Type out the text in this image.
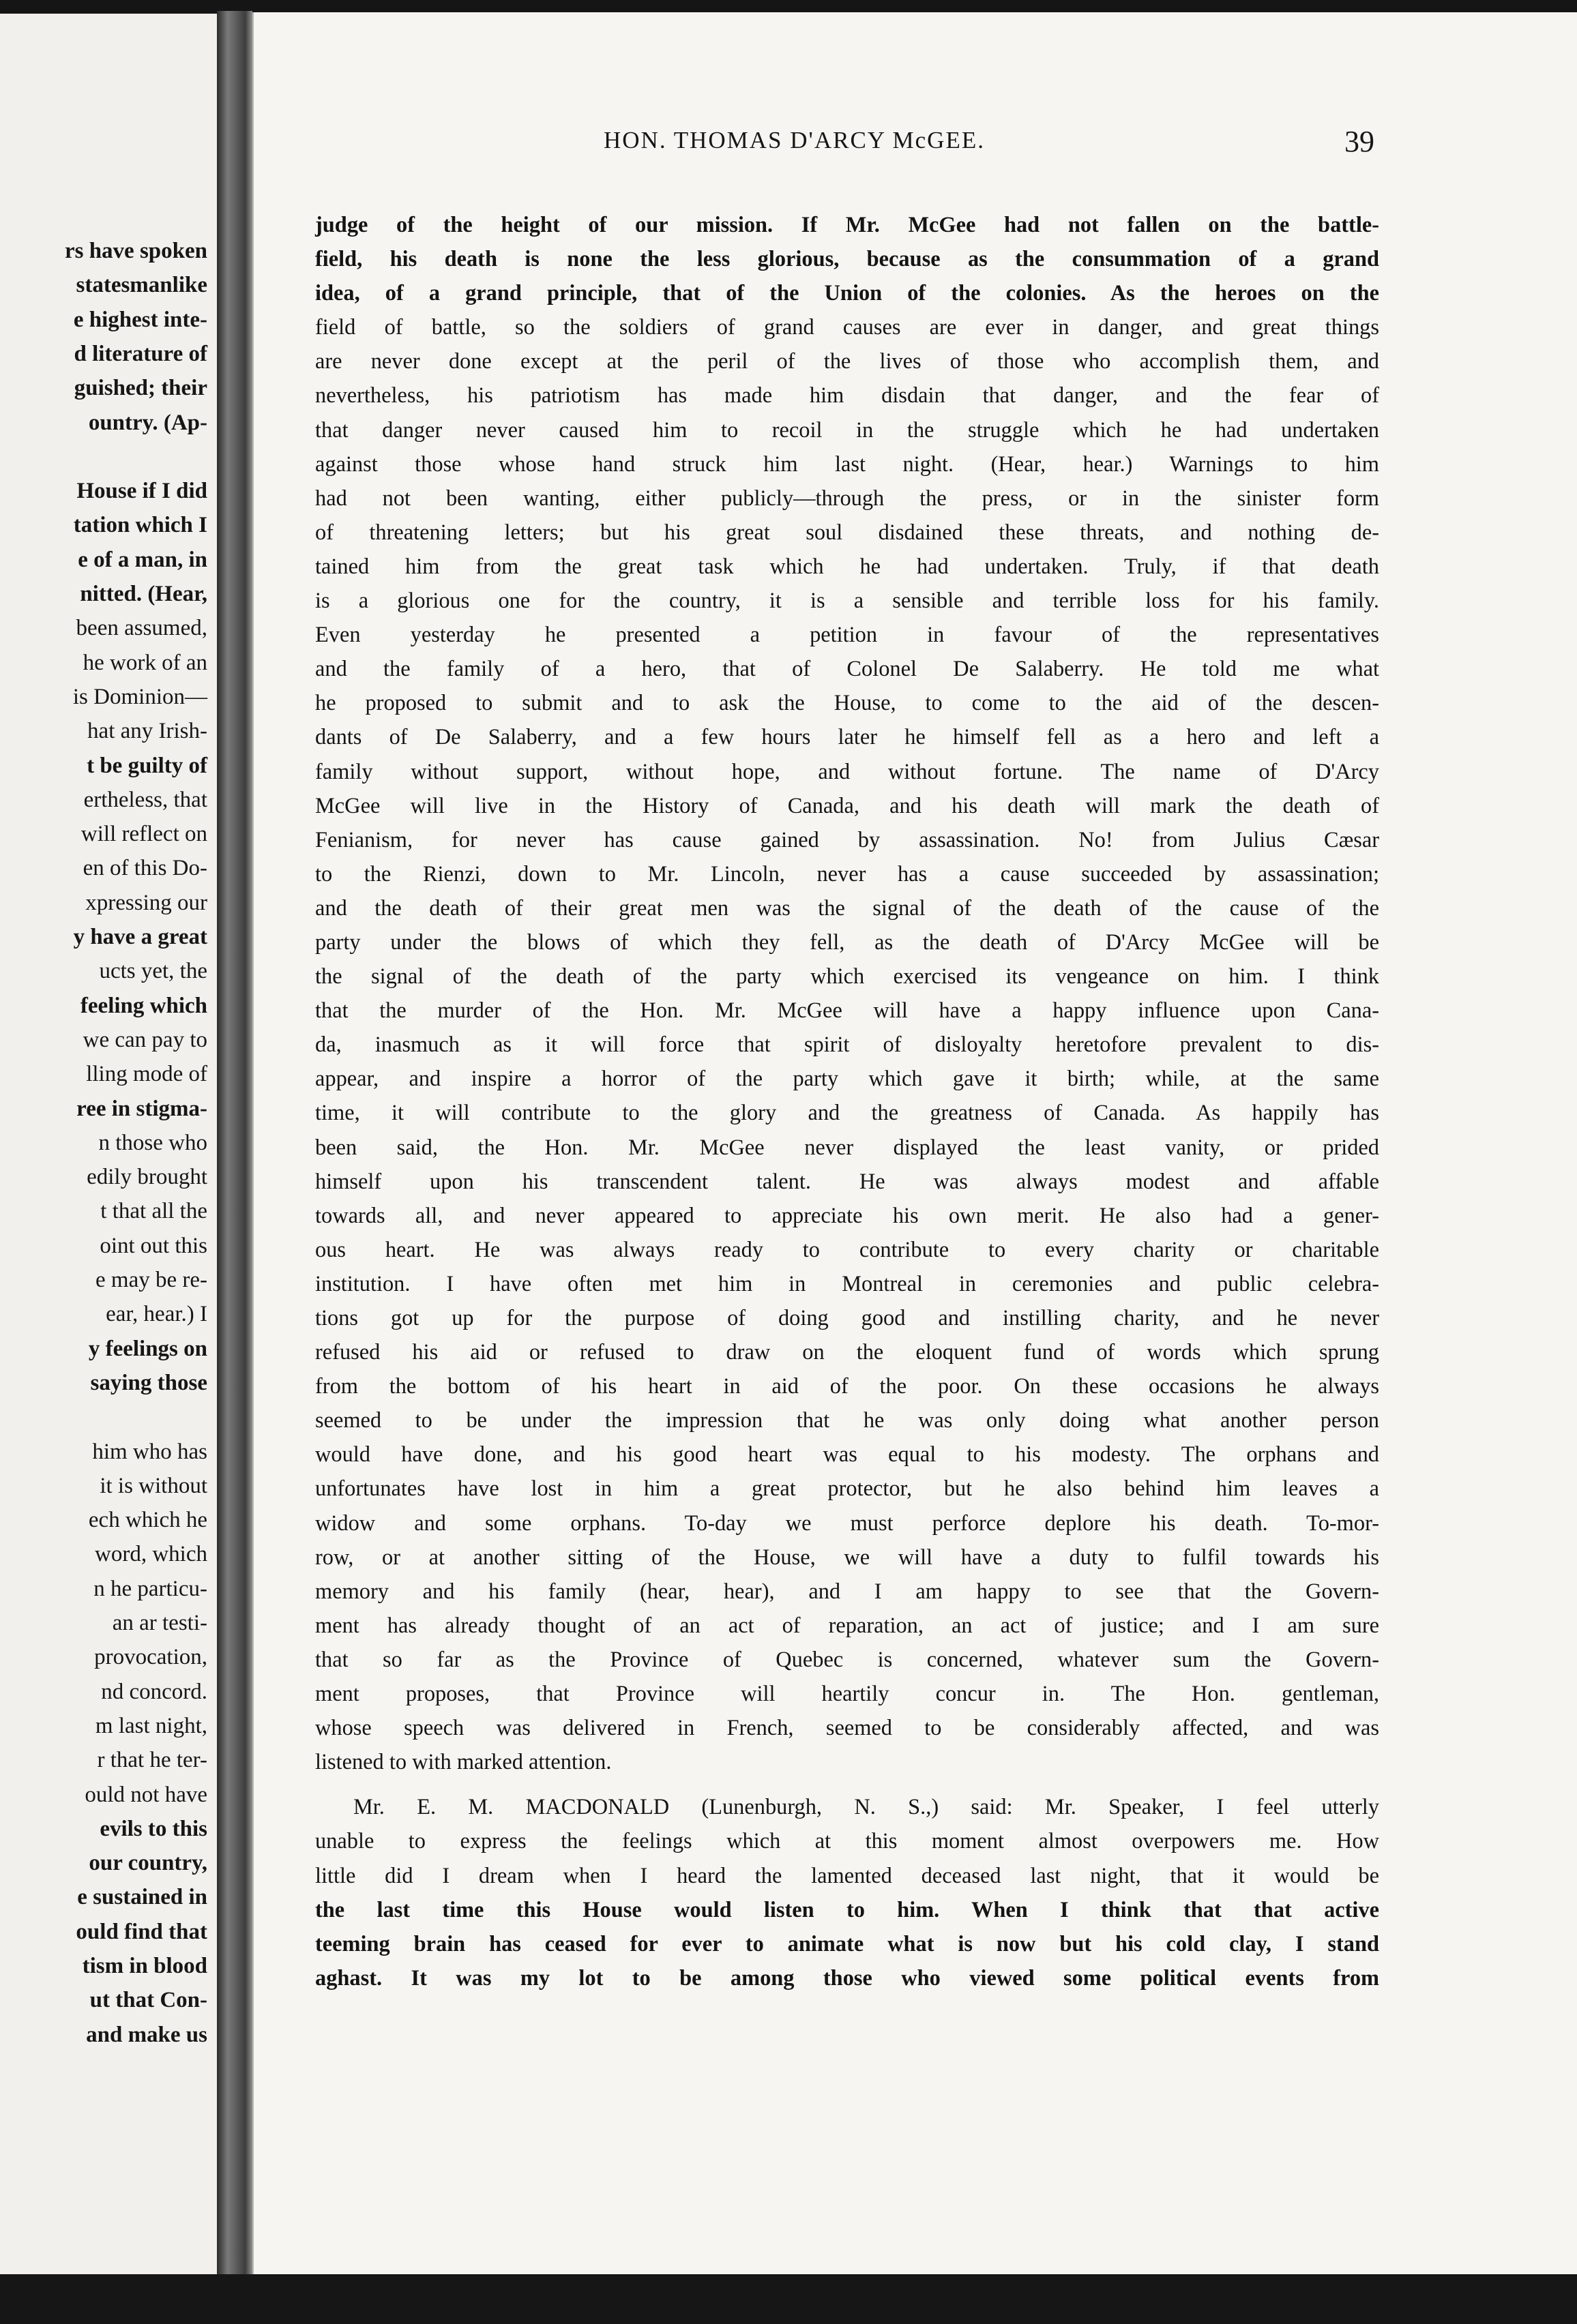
rs have spoken
statesmanlike
e highest inte-
d literature of
guished; their
ountry. (Ap-
House if I did
tation which I
e of a man, in
nitted. (Hear,
been assumed,
he work of an
is Dominion—
hat any Irish-
t be guilty of
ertheless, that
will reflect on
en of this Do-
xpressing our
y have a great
ucts yet, the
feeling which
we can pay to
lling mode of
ree in stigma-
n those who
edily brought
t that all the
oint out this
e may be re-
ear, hear.) I
y feelings on
saying those
him who has
it is without
ech which he
word, which
n he particu-
an ar testi-
provocation,
nd concord.
m last night,
r that he ter-
ould not have
evils to this
our country,
e sustained in
ould find that
tism in blood
ut that Con-
and make us
HON. THOMAS D'ARCY McGEE.	39
judge of the height of our mission. If Mr. McGee had not fallen on the battle-
field, his death is none the less glorious, because as the consummation of a grand
idea, of a grand principle, that of the Union of the colonies. As the heroes on the
field of battle, so the soldiers of grand causes are ever in danger, and great things
are never done except at the peril of the lives of those who accomplish them, and
nevertheless, his patriotism has made him disdain that danger, and the fear of
that danger never caused him to recoil in the struggle which he had undertaken
against those whose hand struck him last night. (Hear, hear.) Warnings to him
had not been wanting, either publicly—through the press, or in the sinister form
of threatening letters; but his great soul disdained these threats, and nothing de-
tained him from the great task which he had undertaken. Truly, if that death
is a glorious one for the country, it is a sensible and terrible loss for his family.
Even yesterday he presented a petition in favour of the representatives
and the family of a hero, that of Colonel De Salaberry. He told me what
he proposed to submit and to ask the House, to come to the aid of the descen-
dants of De Salaberry, and a few hours later he himself fell as a hero and left a
family without support, without hope, and without fortune. The name of D'Arcy
McGee will live in the History of Canada, and his death will mark the death of
Fenianism, for never has cause gained by assassination. No! from Julius Cæsar
to the Rienzi, down to Mr. Lincoln, never has a cause succeeded by assassination;
and the death of their great men was the signal of the death of the cause of the
party under the blows of which they fell, as the death of D'Arcy McGee will be
the signal of the death of the party which exercised its vengeance on him. I think
that the murder of the Hon. Mr. McGee will have a happy influence upon Cana-
da, inasmuch as it will force that spirit of disloyalty heretofore prevalent to dis-
appear, and inspire a horror of the party which gave it birth; while, at the same
time, it will contribute to the glory and the greatness of Canada. As happily has
been said, the Hon. Mr. McGee never displayed the least vanity, or prided
himself upon his transcendent talent. He was always modest and affable
towards all, and never appeared to appreciate his own merit. He also had a gener-
ous heart. He was always ready to contribute to every charity or charitable
institution. I have often met him in Montreal in ceremonies and public celebra-
tions got up for the purpose of doing good and instilling charity, and he never
refused his aid or refused to draw on the eloquent fund of words which sprung
from the bottom of his heart in aid of the poor. On these occasions he always
seemed to be under the impression that he was only doing what another person
would have done, and his good heart was equal to his modesty. The orphans and
unfortunates have lost in him a great protector, but he also behind him leaves a
widow and some orphans. To-day we must perforce deplore his death. To-mor-
row, or at another sitting of the House, we will have a duty to fulfil towards his
memory and his family (hear, hear), and I am happy to see that the Govern-
ment has already thought of an act of reparation, an act of justice; and I am sure
that so far as the Province of Quebec is concerned, whatever sum the Govern-
ment proposes, that Province will heartily concur in. The Hon. gentleman,
whose speech was delivered in French, seemed to be considerably affected, and was
listened to with marked attention.
Mr. E. M. MACDONALD (Lunenburgh, N. S.,) said: Mr. Speaker, I feel utterly
unable to express the feelings which at this moment almost overpowers me. How
little did I dream when I heard the lamented deceased last night, that it would be
the last time this House would listen to him. When I think that that active
teeming brain has ceased for ever to animate what is now but his cold clay, I stand
aghast. It was my lot to be among those who viewed some political events from
